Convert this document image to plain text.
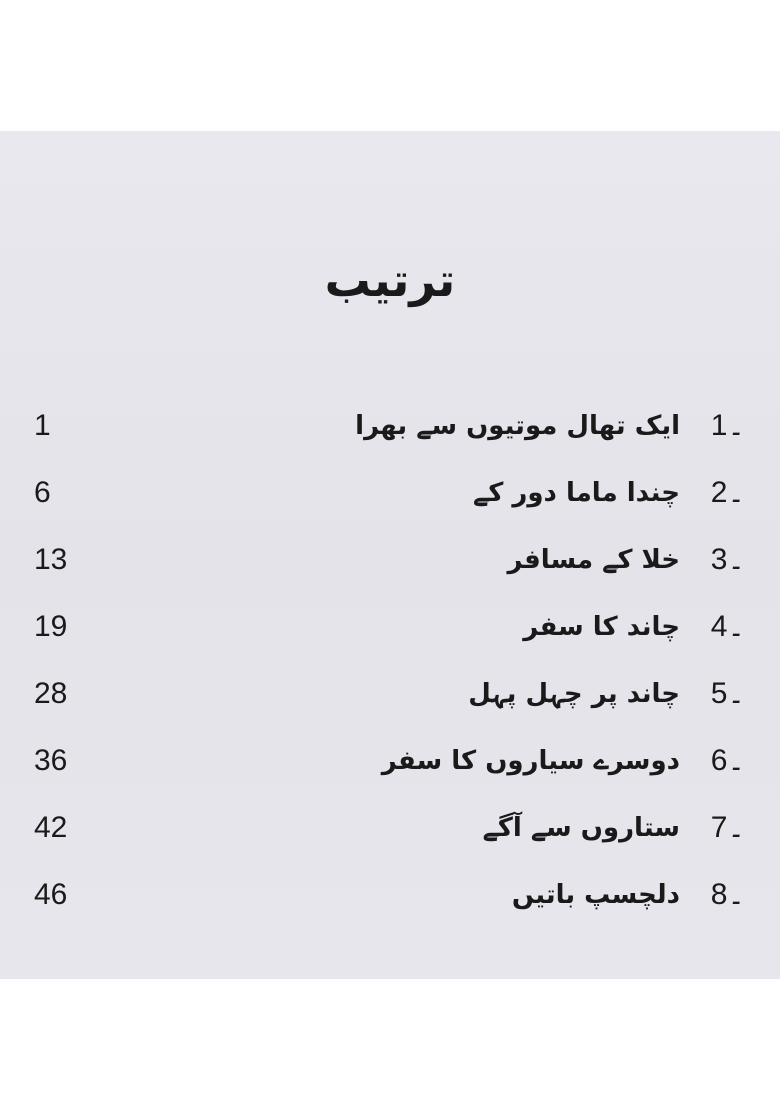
ترتیب
1۔
ایک تھال موتیوں سے بھرا
1
2۔
چندا ماما دور کے
6
3۔
خلا کے مسافر
13
4۔
چاند کا سفر
19
5۔
چاند پر چہل پہل
28
6۔
دوسرے سیاروں کا سفر
36
7۔
ستاروں سے آگے
42
8۔
دلچسپ باتیں
46
